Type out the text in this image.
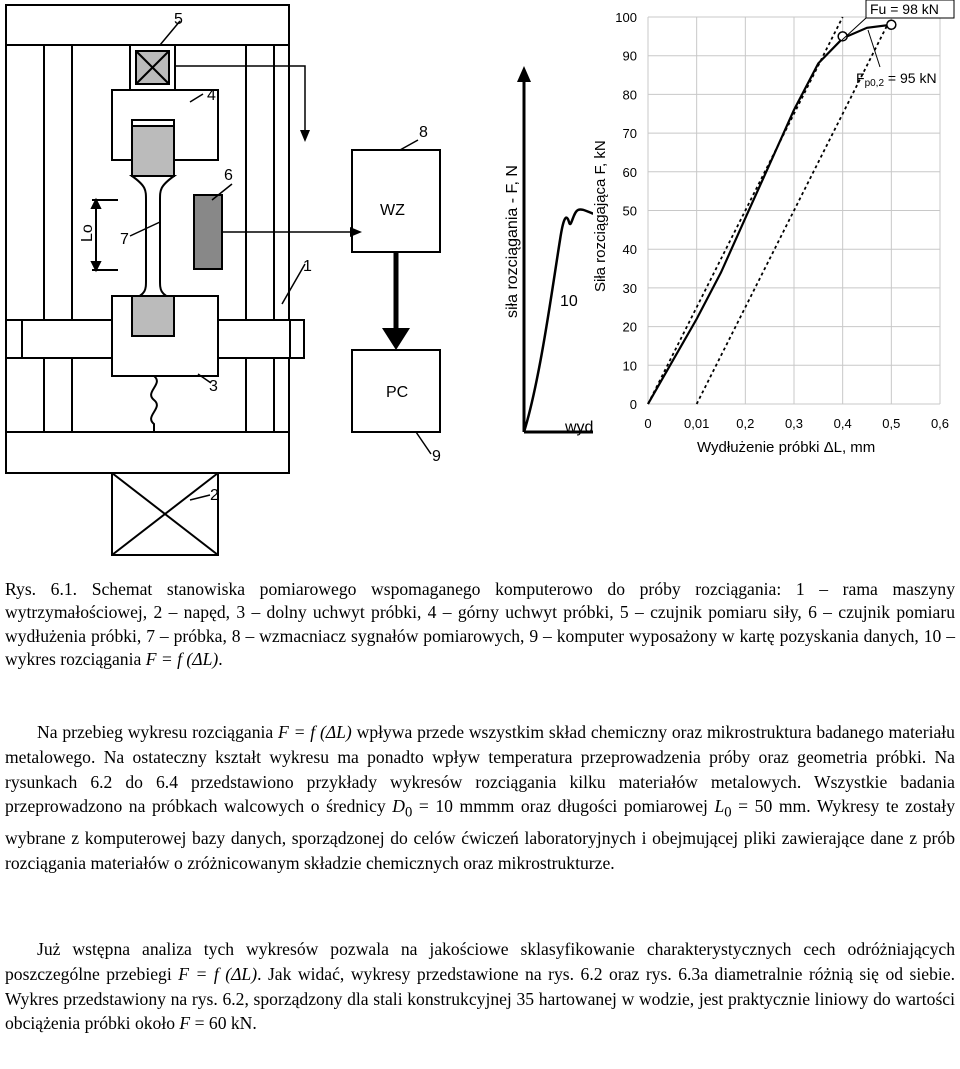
5
4
6
7
1
8
3
9
2
WZ
PC
Lo	siła rozciągania - F, N 10
wyd
0
10
20
30
40
50
60
70
80
90
100
0 0,01 0,2 0,3 0,4 0,5 0,6
Siła rozciągająca F, kN
Wydłużenie próbki ΔL, mm
Fu = 98 kN
$F_{p0,2} = 95$ kN
Rys. 6.1. Schemat stanowiska pomiarowego wspomaganego komputerowo do próby rozciągania: 1 – rama maszyny wytrzymałościowej, 2 – napęd, 3 – dolny uchwyt próbki, 4 – górny uchwyt próbki, 5 – czujnik pomiaru siły, 6 – czujnik pomiaru wydłużenia próbki, 7 – próbka, 8 – wzmacniacz sygnałów pomiarowych, 9 – komputer wyposażony w kartę pozyskania danych, 10 – wykres rozciągania F = f (ΔL).
Na przebieg wykresu rozciągania F = f (ΔL) wpływa przede wszystkim skład chemiczny oraz mikrostruktura badanego materiału metalowego. Na ostateczny kształt wykresu ma ponadto wpływ temperatura przeprowadzenia próby oraz geometria próbki. Na rysunkach 6.2 do 6.4 przedstawiono przykłady wykresów rozciągania kilku materiałów metalowych. Wszystkie badania przeprowadzono na próbkach walcowych o średnicy $D_0 = 10$ mmmm oraz długości pomiarowej $L_0 = 50$ mm. Wykresy te zostały wybrane z komputerowej bazy danych, sporządzonej do celów ćwiczeń laboratoryjnych i obejmującej pliki zawierające dane z prób rozciągania materiałów o zróżnicowanym składzie chemicznych oraz mikrostrukturze.
Już wstępna analiza tych wykresów pozwala na jakościowe sklasyfikowanie charakterystycznych cech odróżniających poszczególne przebiegi F = f (ΔL). Jak widać, wykresy przedstawione na rys. 6.2 oraz rys. 6.3a diametralnie różnią się od siebie. Wykres przedstawiony na rys. 6.2, sporządzony dla stali konstrukcyjnej 35 hartowanej w wodzie, jest praktycznie liniowy do wartości obciążenia próbki około F = 60 kN.
